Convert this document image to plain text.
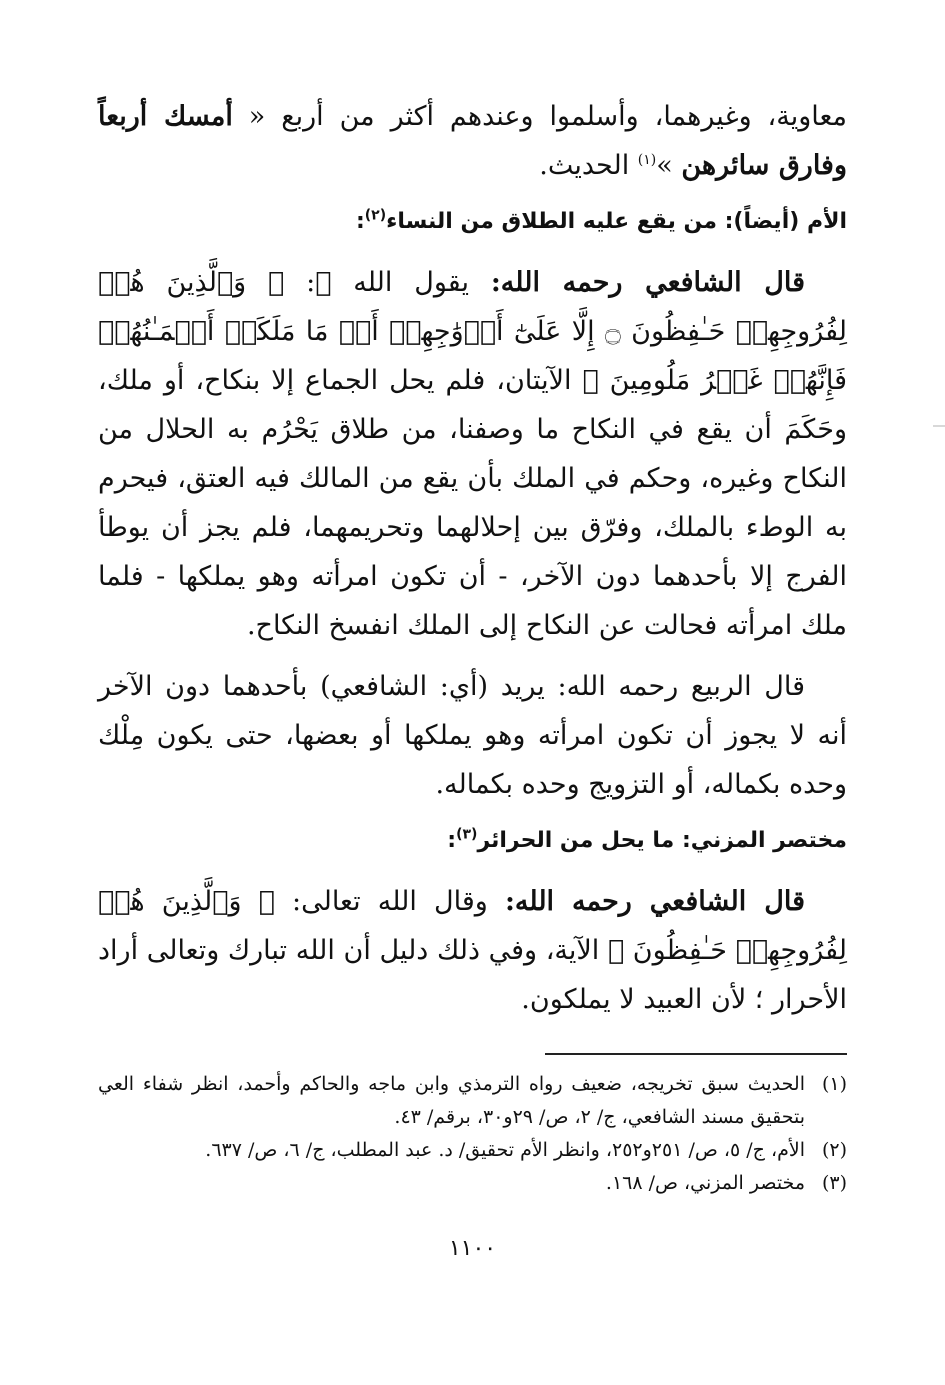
معاوية، وغيرهما، وأسلموا وعندهم أكثر من أربع « أمسك أربعاً وفارق سائرهن »$^{(١)}$ الحديث.

الأم (أيضاً): من يقع عليه الطلاق من النساء$^{(٢)}$:

قال الشافعي رحمه الله: يقول الله ﷻ: ﴿ وَٱلَّذِينَ هُمۡ لِفُرُوجِهِمۡ حَـٰفِظُونَ ۝ إِلَّا عَلَىٰٓ أَزۡوَٰجِهِمۡ أَوۡ مَا مَلَكَتۡ أَيۡمَـٰنُهُمۡ فَإِنَّهُمۡ غَيۡرُ مَلُومِينَ ﴾ الآيتان، فلم يحل الجماع إلا بنكاح، أو ملك، وحَكَمَ أن يقع في النكاح ما وصفنا، من طلاق يَحْرُم به الحلال من النكاح وغيره، وحكم في الملك بأن يقع من المالك فيه العتق، فيحرم به الوطء بالملك، وفرّق بين إحلالهما وتحريمهما، فلم يجز أن يوطأ الفرج إلا بأحدهما دون الآخر، - أن تكون امرأته وهو يملكها - فلما ملك امرأته فحالت عن النكاح إلى الملك انفسخ النكاح.

قال الربيع رحمه الله: يريد (أي: الشافعي) بأحدهما دون الآخر أنه لا يجوز أن تكون امرأته وهو يملكها أو بعضها، حتى يكون مِلْك وحده بكماله، أو التزويج وحده بكماله.

مختصر المزني: ما يحل من الحرائر$^{(٣)}$:

قال الشافعي رحمه الله: وقال الله تعالى: ﴿ وَٱلَّذِينَ هُمۡ لِفُرُوجِهِمۡ حَـٰفِظُونَ ﴾ الآية، وفي ذلك دليل أن الله تبارك وتعالى أراد الأحرار ؛ لأن العبيد لا يملكون.

(١)
الحديث سبق تخريجه، ضعيف رواه الترمذي وابن ماجه والحاكم وأحمد، انظر شفاء العي بتحقيق مسند الشافعي، ج/ ٢، ص/ ٢٩و٣٠، برقم/ ٤٣.
(٢)
الأم، ج/ ٥، ص/ ٢٥١و٢٥٢، وانظر الأم تحقيق/ د. عبد المطلب، ج/ ٦، ص/ ٦٣٧.
(٣)
مختصر المزني، ص/ ١٦٨.
١١٠٠
